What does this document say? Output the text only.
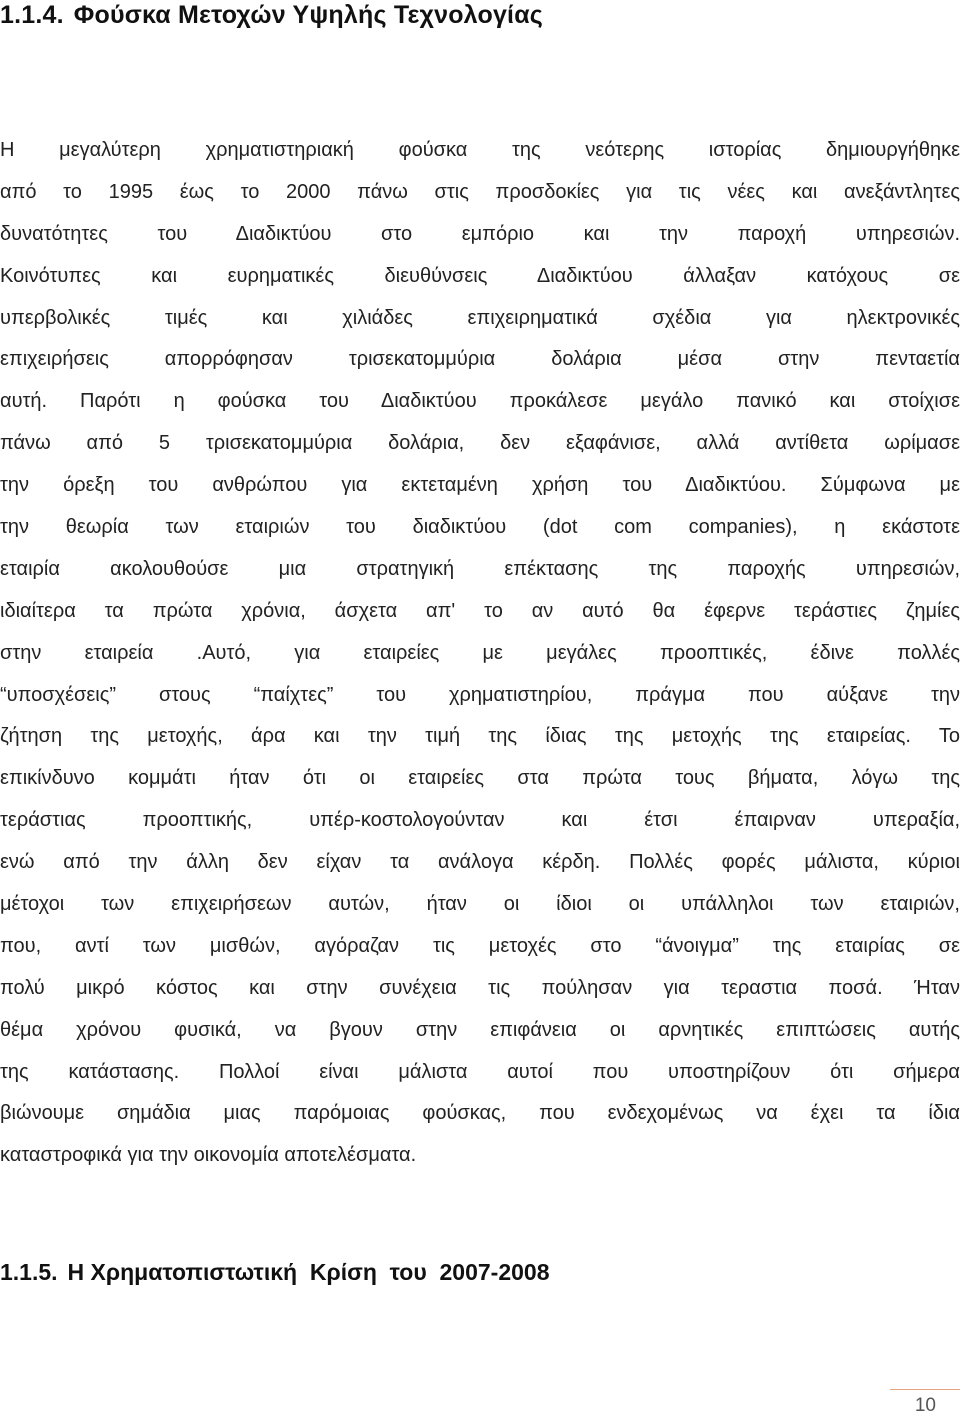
1.1.4. Φούσκα Μετοχών Υψηλής Τεχνολογίας
Η μεγαλύτερη χρηματιστηριακή φούσκα της νεότερης ιστορίας δημιουργήθηκε
από το 1995 έως το 2000 πάνω στις προσδοκίες για τις νέες και ανεξάντλητες
δυνατότητες του Διαδικτύου στο εμπόριο και την παροχή υπηρεσιών.
Κοινότυπες και ευρηματικές διευθύνσεις Διαδικτύου άλλαξαν κατόχους σε
υπερβολικές τιμές και χιλιάδες επιχειρηματικά σχέδια για ηλεκτρονικές
επιχειρήσεις απορρόφησαν τρισεκατομμύρια δολάρια μέσα στην πενταετία
αυτή. Παρότι η φούσκα του Διαδικτύου προκάλεσε μεγάλο πανικό και στοίχισε
πάνω από 5 τρισεκατομμύρια δολάρια, δεν εξαφάνισε, αλλά αντίθετα ωρίμασε
την όρεξη του ανθρώπου για εκτεταμένη χρήση του Διαδικτύου. Σύμφωνα με
την θεωρία των εταιριών του διαδικτύου (dot com companies), η εκάστοτε
εταιρία ακολουθούσε μια στρατηγική επέκτασης της παροχής υπηρεσιών,
ιδιαίτερα τα πρώτα χρόνια, άσχετα απ' το αν αυτό θα έφερνε τεράστιες ζημίες
στην εταιρεία .Αυτό, για εταιρείες με μεγάλες προοπτικές, έδινε πολλές
“υποσχέσεις” στους “παίχτες” του χρηματιστηρίου, πράγμα που αύξανε την
ζήτηση της μετοχής, άρα και την τιμή της ίδιας της μετοχής της εταιρείας. Το
επικίνδυνο κομμάτι ήταν ότι οι εταιρείες στα πρώτα τους βήματα, λόγω της
τεράστιας προοπτικής, υπέρ-κοστολογούνταν και έτσι έπαιρναν υπεραξία,
ενώ από την άλλη δεν είχαν τα ανάλογα κέρδη. Πολλές φορές μάλιστα, κύριοι
μέτοχοι των επιχειρήσεων αυτών, ήταν οι ίδιοι οι υπάλληλοι των εταιριών,
που, αντί των μισθών, αγόραζαν τις μετοχές στο “άνοιγμα” της εταιρίας σε
πολύ μικρό κόστος και στην συνέχεια τις πούλησαν για τεραστια ποσά. Ήταν
θέμα χρόνου φυσικά, να βγουν στην επιφάνεια οι αρνητικές επιπτώσεις αυτής
της κατάστασης. Πολλοί είναι μάλιστα αυτοί που υποστηρίζουν ότι σήμερα
βιώνουμε σημάδια μιας παρόμοιας φούσκας, που ενδεχομένως να έχει τα ίδια
καταστροφικά για την οικονομία αποτελέσματα.
1.1.5. Η Χρηματοπιστωτική  Κρίση  του  2007-2008
10
